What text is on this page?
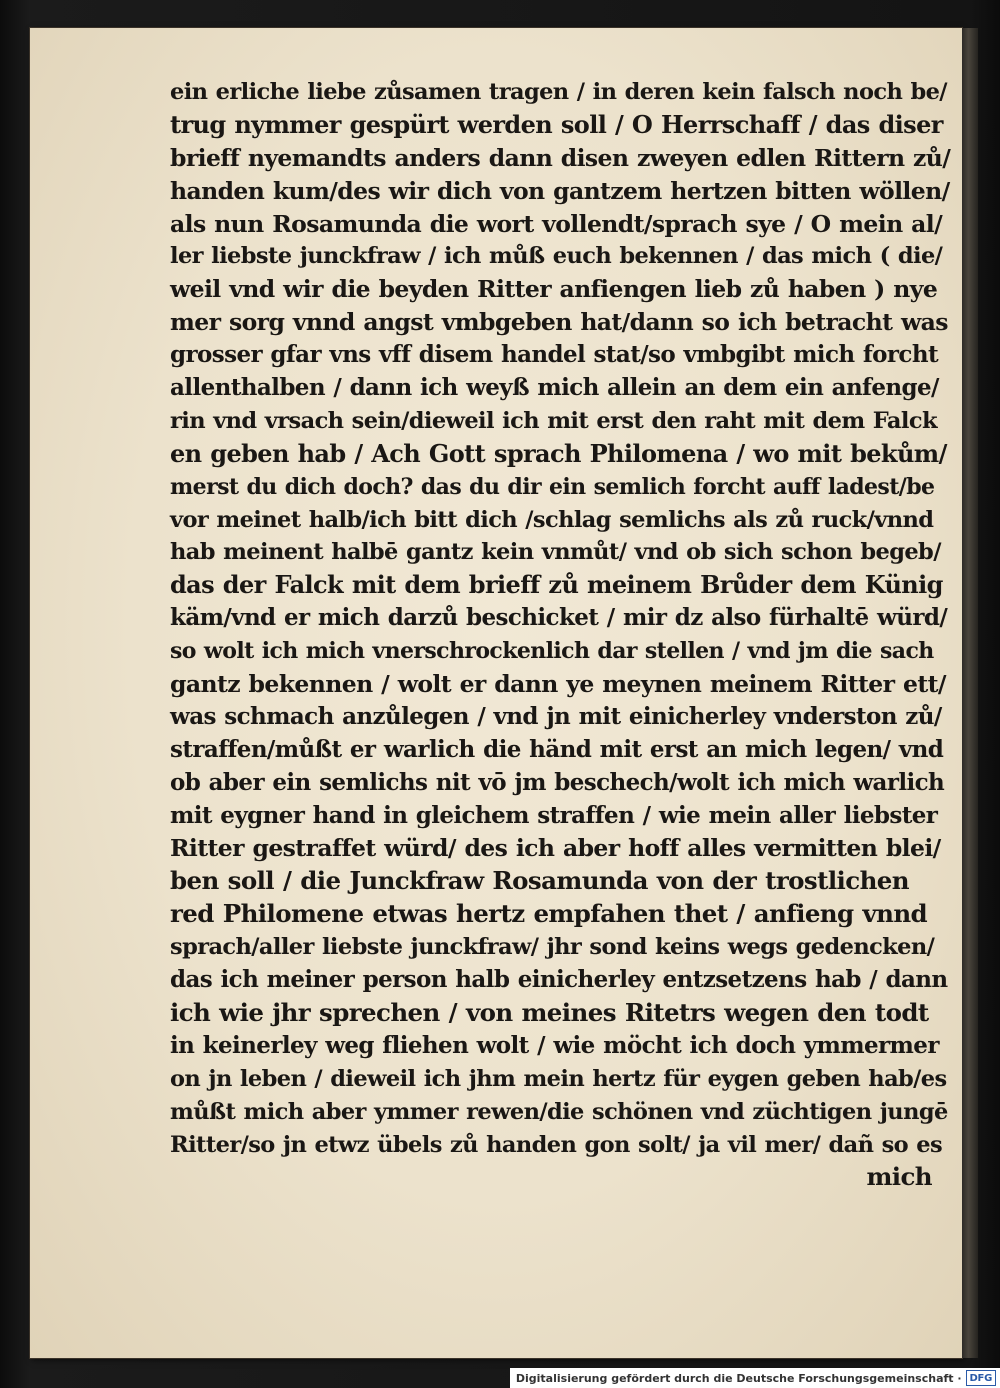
ein erliche liebe zůsamen tragen / in deren kein falsch noch be/
trug nymmer gespürt werden soll / O Herrschaff / das diser
brieff nyemandts anders dann disen zweyen edlen Rittern zů/
handen kum/des wir dich von gantzem hertzen bitten wöllen/
als nun Rosamunda die wort vollendt/sprach sye / O mein al/
ler liebste junckfraw / ich můß euch bekennen / das mich ( die/
weil vnd wir die beyden Ritter anfiengen lieb zů haben ) nye
mer sorg vnnd angst vmbgeben hat/dann so ich betracht was
grosser gfar vns vff disem handel stat/so vmbgibt mich forcht
allenthalben / dann ich weyß mich allein an dem ein anfenge/
rin vnd vrsach sein/dieweil ich mit erst den raht mit dem Falck
en geben hab / Ach Gott sprach Philomena / wo mit bekům/
merst du dich doch? das du dir ein semlich forcht auff ladest/be
vor meinet halb/ich bitt dich /schlag semlichs als zů ruck/vnnd
hab meinent halbē gantz kein vnmůt/ vnd ob sich schon begeb/
das der Falck mit dem brieff zů meinem Brůder dem Künig
käm/vnd er mich darzů beschicket / mir dz also fürhaltē würd/
so wolt ich mich vnerschrockenlich dar stellen / vnd jm die sach
gantz bekennen / wolt er dann ye meynen meinem Ritter ett/
was schmach anzůlegen / vnd jn mit einicherley vnderston zů/
straffen/můßt er warlich die händ mit erst an mich legen/ vnd
ob aber ein semlichs nit vō jm beschech/wolt ich mich warlich
mit eygner hand in gleichem straffen / wie mein aller liebster
Ritter gestraffet würd/ des ich aber hoff alles vermitten blei/
ben soll / die Junckfraw Rosamunda von der trostlichen
red Philomene etwas hertz empfahen thet / anfieng vnnd
sprach/aller liebste junckfraw/ jhr sond keins wegs gedencken/
das ich meiner person halb einicherley entzsetzens hab / dann
ich wie jhr sprechen / von meines Ritetrs wegen den todt
in keinerley weg fliehen wolt / wie möcht ich doch ymmermer
on jn leben / dieweil ich jhm mein hertz für eygen geben hab/es
můßt mich aber ymmer rewen/die schönen vnd züchtigen jungē
Ritter/so jn etwz übels zů handen gon solt/ ja vil mer/ dañ so es
mich
Digitalisierung gefördert durch die Deutsche Forschungsgemeinschaft · DFG
